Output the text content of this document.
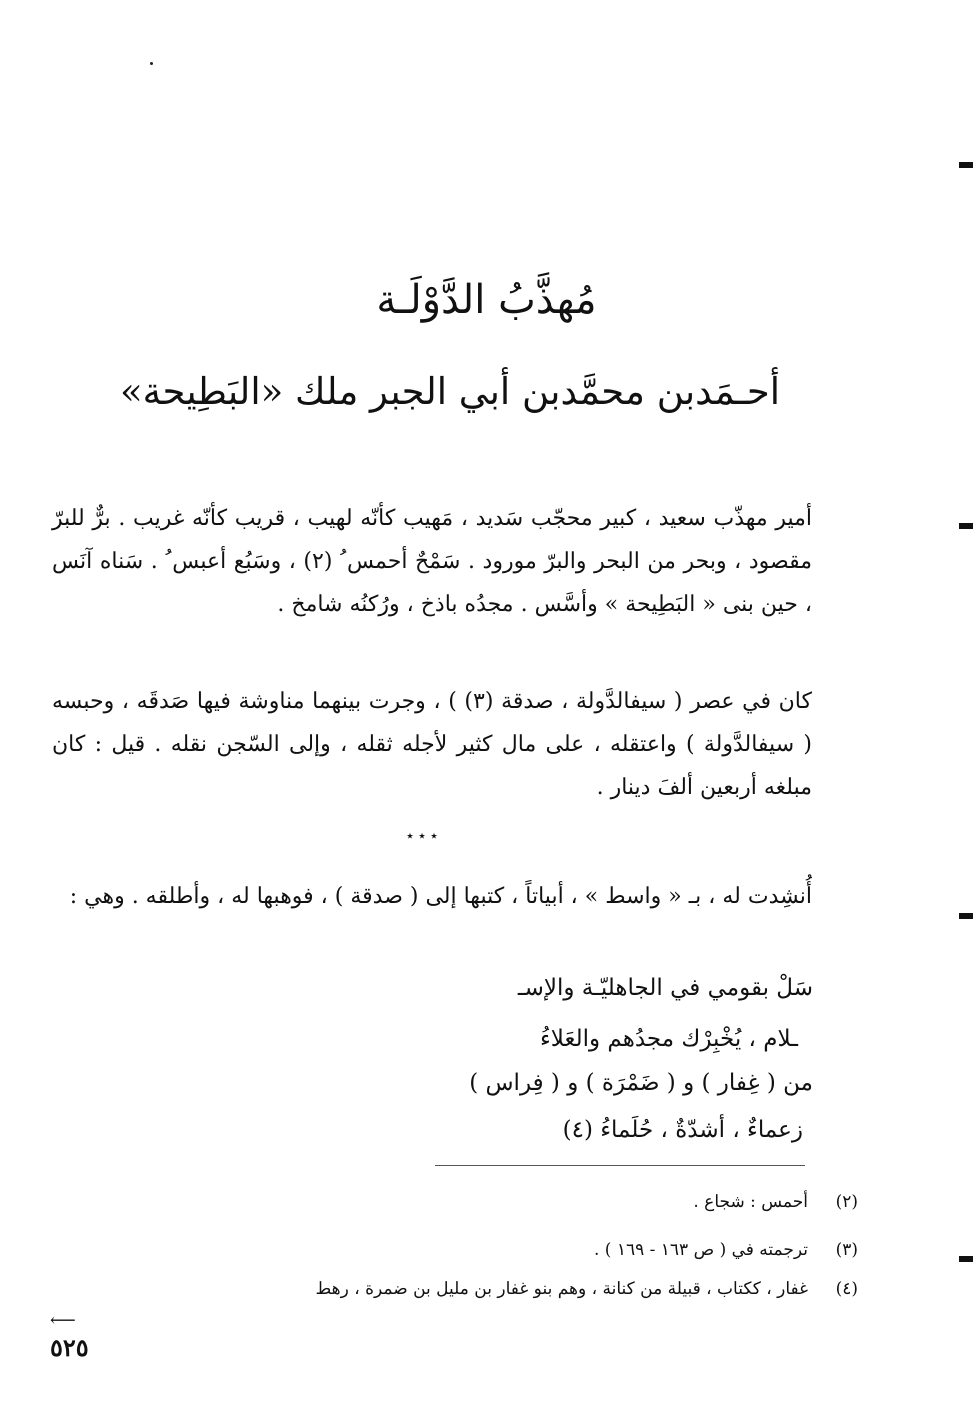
مُهذَّبُ الدَّوْلَـة
أحـمَدبن محمَّدبن أبي الجبر ملك «البَطِيحة»
أمير مهذّب سعيد ، كبير محجّب سَديد ، مَهيب كأنّه لهيب ، قريب كأنّه غريب . برٌّ للبرّ مقصود ، وبحر من البحر والبرّ مورود . سَمْحٌ أحمس ُ (٢) ، وسَبُع أعبس ُ . سَناه آنَس ، حين بنى « البَطِيحة » وأسَّس . مجدُه باذخ ، ورُكنُه شامخ .
كان في عصر ( سيفالدَّولة ، صدقة (٣) ) ، وجرت بينهما مناوشة فيها صَدقَه ، وحبسه ( سيفالدَّولة ) واعتقله ، على مال كثير لأجله ثقله ، وإلى السّجن نقله . قيل : كان مبلغه أربعين ألفَ دينار .
⋆⋆⋆
أُنشِدت له ، بـ « واسط » ، أبياتاً ، كتبها إلى ( صدقة ) ، فوهبها له ، وأطلقه . وهي :
سَلْ بقومي في الجاهليّـة والإسـ
ـلام ، يُخْبِرْك مجدُهم والعَلاءُ
من ( غِفار ) و ( ضَمْرَة ) و ( فِراس )
زعماءٌ ، أشدّةٌ ، حُلَماءُ (٤)
(٢)
أحمس : شجاع .
(٣)
ترجمته في ( ص ١٦٣ - ١٦٩ ) .
(٤)
غفار ، ككتاب ، قبيلة من كنانة ، وهم بنو غفار بن مليل بن ضمرة ، رهط
⟵
٥٢٥
